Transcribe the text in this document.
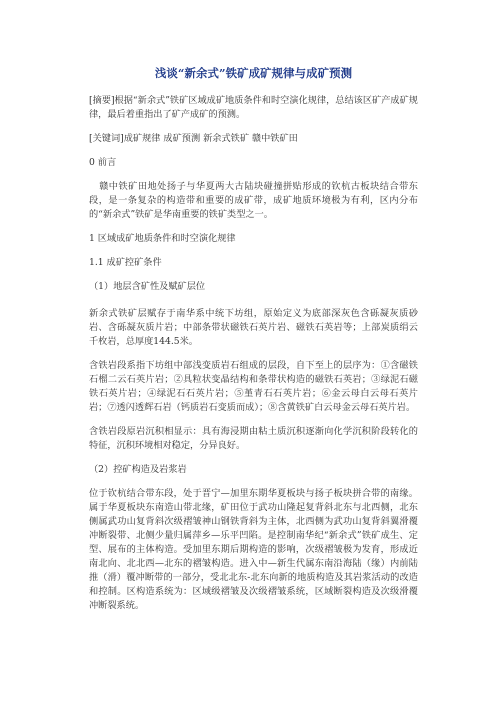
浅谈“新余式”铁矿成矿规律与成矿预测

[摘要]根据“新余式”铁矿区域成矿地质条件和时空演化规律，总结该区矿产成矿规律，最后着重指出了矿产成矿的预测。

[关键词]成矿规律 成矿预测 新余式铁矿 赣中铁矿田

0 前言

赣中铁矿田地处扬子与华夏两大古陆块碰撞拼贴形成的钦杭古板块结合带东段，是一条复杂的构造带和重要的成矿带，成矿地质环境极为有利，区内分布的“新余式”铁矿是华南重要的铁矿类型之一。

1 区域成矿地质条件和时空演化规律

1.1 成矿控矿条件

（1）地层含矿性及赋矿层位

新余式铁矿层赋存于南华系中统下坊组，原始定义为底部深灰色含砾凝灰质砂岩、含砾凝灰质片岩；中部条带状磁铁石英片岩、磁铁石英岩等；上部炭质绢云千枚岩，总厚度144.5米。

含铁岩段系指下坊组中部浅变质岩石组成的层段，自下至上的层序为：①含磁铁石榴二云石英片岩；②具粒状变晶结构和条带状构造的磁铁石英岩；③绿泥石磁铁石英片岩；④绿泥石石英片岩；⑤堇青石石英片岩；⑥金云母白云母石英片岩；⑦透闪透辉石岩（钙质岩石变质而成）；⑧含黄铁矿白云母金云母石英片岩。

含铁岩段原岩沉积相显示：具有海浸期由粘土质沉积逐渐向化学沉积阶段转化的特征，沉积环境相对稳定，分异良好。

（2）控矿构造及岩浆岩

位于钦杭结合带东段，处于晋宁—加里东期华夏板块与扬子板块拼合带的南缘。属于华夏板块东南造山带北缘，矿田位于武功山隆起复背斜北东与北西侧，北东侧属武功山复背斜次级褶皱神山钢铁背斜为主体，北西侧为武功山复背斜翼滑覆冲断裂带、北侧少量归属萍乡—乐平凹陷。是控制南华纪“新余式”铁矿成生、定型、展布的主体构造。受加里东期后期构造的影响，次级褶皱极为发育，形成近南北向、北北西—北东的褶皱构造。进入中—新生代属东南沿海陆（缘）内前陆推（滑）覆冲断带的一部分，受北北东-北东向新的地质构造及其岩浆活动的改造和控制。区构造系统为：区域级褶皱及次级褶皱系统，区域断裂构造及次级滑覆冲断裂系统。
